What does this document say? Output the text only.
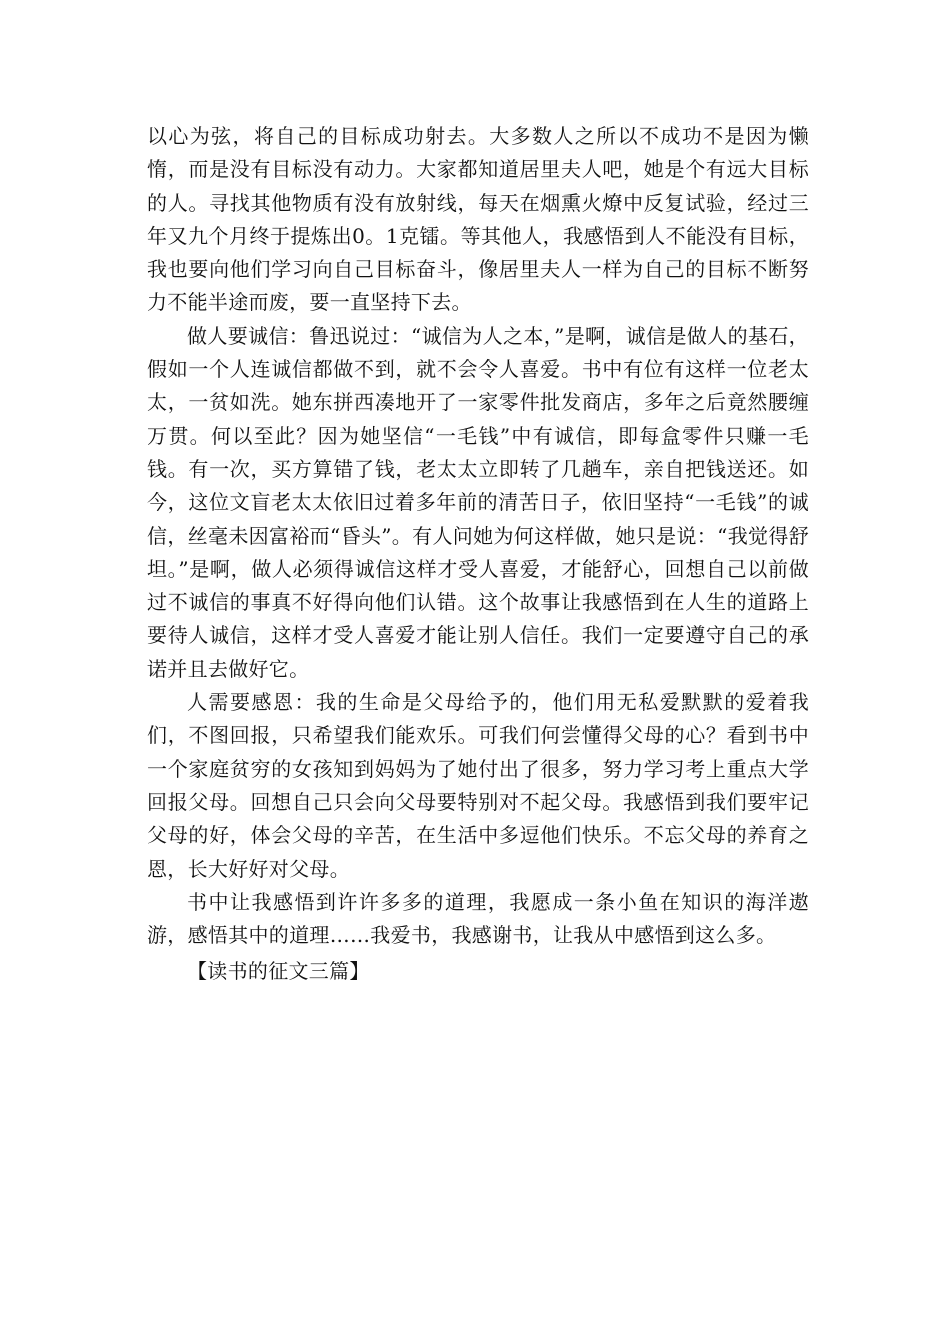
以心为弦，将自己的目标成功射去。大多数人之所以不成功不是因为懒惰，而是没有目标没有动力。大家都知道居里夫人吧，她是个有远大目标的人。寻找其他物质有没有放射线，每天在烟熏火燎中反复试验，经过三年又九个月终于提炼出0。1克镭。等其他人，我感悟到人不能没有目标，我也要向他们学习向自己目标奋斗，像居里夫人一样为自己的目标不断努力不能半途而废，要一直坚持下去。

做人要诚信：鲁迅说过：“诚信为人之本，”是啊，诚信是做人的基石，假如一个人连诚信都做不到，就不会令人喜爱。书中有位有这样一位老太太，一贫如洗。她东拼西凑地开了一家零件批发商店，多年之后竟然腰缠万贯。何以至此？因为她坚信“一毛钱”中有诚信，即每盒零件只赚一毛钱。有一次，买方算错了钱，老太太立即转了几趟车，亲自把钱送还。如今，这位文盲老太太依旧过着多年前的清苦日子，依旧坚持“一毛钱”的诚信，丝毫未因富裕而“昏头”。有人问她为何这样做，她只是说：“我觉得舒坦。”是啊，做人必须得诚信这样才受人喜爱，才能舒心，回想自己以前做过不诚信的事真不好得向他们认错。这个故事让我感悟到在人生的道路上要待人诚信，这样才受人喜爱才能让别人信任。我们一定要遵守自己的承诺并且去做好它。

人需要感恩：我的生命是父母给予的，他们用无私爱默默的爱着我们，不图回报，只希望我们能欢乐。可我们何尝懂得父母的心？看到书中一个家庭贫穷的女孩知到妈妈为了她付出了很多，努力学习考上重点大学回报父母。回想自己只会向父母要特别对不起父母。我感悟到我们要牢记父母的好，体会父母的辛苦，在生活中多逗他们快乐。不忘父母的养育之恩，长大好好对父母。

书中让我感悟到许许多多的道理，我愿成一条小鱼在知识的海洋遨游，感悟其中的道理……我爱书，我感谢书，让我从中感悟到这么多。

【读书的征文三篇】
